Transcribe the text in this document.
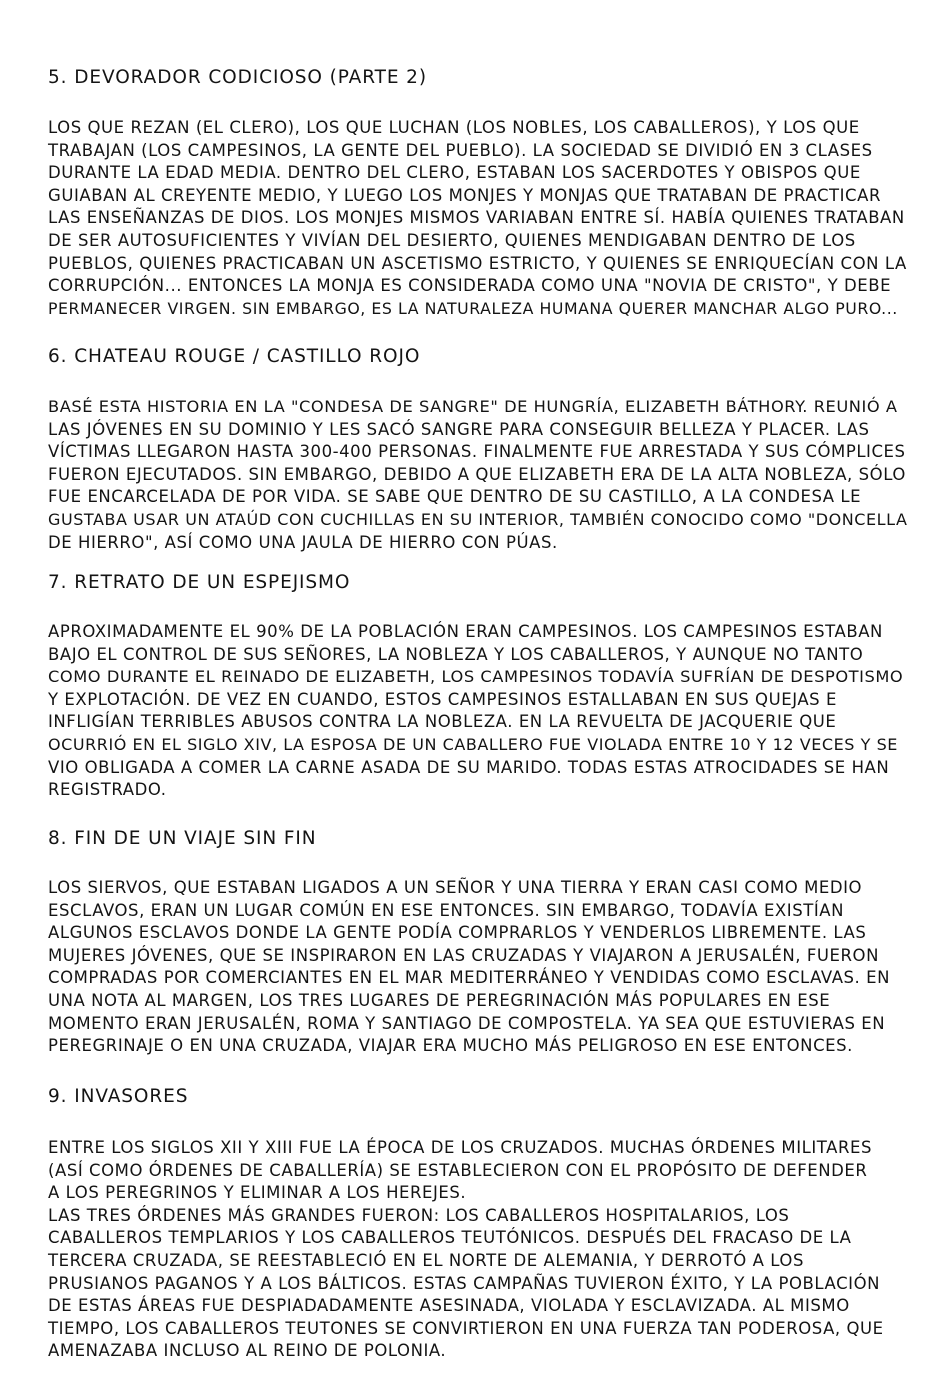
5. DEVORADOR CODICIOSO (PARTE 2)
LOS QUE REZAN (EL CLERO), LOS QUE LUCHAN (LOS NOBLES, LOS CABALLEROS), Y LOS QUE
TRABAJAN (LOS CAMPESINOS, LA GENTE DEL PUEBLO). LA SOCIEDAD SE DIVIDIÓ EN 3 CLASES
DURANTE LA EDAD MEDIA. DENTRO DEL CLERO, ESTABAN LOS SACERDOTES Y OBISPOS QUE
GUIABAN AL CREYENTE MEDIO, Y LUEGO LOS MONJES Y MONJAS QUE TRATABAN DE PRACTICAR
LAS ENSEÑANZAS DE DIOS. LOS MONJES MISMOS VARIABAN ENTRE SÍ. HABÍA QUIENES TRATABAN
DE SER AUTOSUFICIENTES Y VIVÍAN DEL DESIERTO, QUIENES MENDIGABAN DENTRO DE LOS
PUEBLOS, QUIENES PRACTICABAN UN ASCETISMO ESTRICTO, Y QUIENES SE ENRIQUECÍAN CON LA
CORRUPCIÓN... ENTONCES LA MONJA ES CONSIDERADA COMO UNA "NOVIA DE CRISTO", Y DEBE
PERMANECER VIRGEN. SIN EMBARGO, ES LA NATURALEZA HUMANA QUERER MANCHAR ALGO PURO...
6. CHATEAU ROUGE / CASTILLO ROJO
BASÉ ESTA HISTORIA EN LA "CONDESA DE SANGRE" DE HUNGRÍA, ELIZABETH BÁTHORY. REUNIÓ A
LAS JÓVENES EN SU DOMINIO Y LES SACÓ SANGRE PARA CONSEGUIR BELLEZA Y PLACER. LAS
VÍCTIMAS LLEGARON HASTA 300-400 PERSONAS. FINALMENTE FUE ARRESTADA Y SUS CÓMPLICES
FUERON EJECUTADOS. SIN EMBARGO, DEBIDO A QUE ELIZABETH ERA DE LA ALTA NOBLEZA, SÓLO
FUE ENCARCELADA DE POR VIDA. SE SABE QUE DENTRO DE SU CASTILLO, A LA CONDESA LE
GUSTABA USAR UN ATAÚD CON CUCHILLAS EN SU INTERIOR, TAMBIÉN CONOCIDO COMO "DONCELLA
DE HIERRO", ASÍ COMO UNA JAULA DE HIERRO CON PÚAS.
7. RETRATO DE UN ESPEJISMO
APROXIMADAMENTE EL 90% DE LA POBLACIÓN ERAN CAMPESINOS. LOS CAMPESINOS ESTABAN
BAJO EL CONTROL DE SUS SEÑORES, LA NOBLEZA Y LOS CABALLEROS, Y AUNQUE NO TANTO
COMO DURANTE EL REINADO DE ELIZABETH, LOS CAMPESINOS TODAVÍA SUFRÍAN DE DESPOTISMO
Y EXPLOTACIÓN. DE VEZ EN CUANDO, ESTOS CAMPESINOS ESTALLABAN EN SUS QUEJAS E
INFLIGÍAN TERRIBLES ABUSOS CONTRA LA NOBLEZA. EN LA REVUELTA DE JACQUERIE QUE
OCURRIÓ EN EL SIGLO XIV, LA ESPOSA DE UN CABALLERO FUE VIOLADA ENTRE 10 Y 12 VECES Y SE
VIO OBLIGADA A COMER LA CARNE ASADA DE SU MARIDO. TODAS ESTAS ATROCIDADES SE HAN
REGISTRADO.
8. FIN DE UN VIAJE SIN FIN
LOS SIERVOS, QUE ESTABAN LIGADOS A UN SEÑOR Y UNA TIERRA Y ERAN CASI COMO MEDIO
ESCLAVOS, ERAN UN LUGAR COMÚN EN ESE ENTONCES. SIN EMBARGO, TODAVÍA EXISTÍAN
ALGUNOS ESCLAVOS DONDE LA GENTE PODÍA COMPRARLOS Y VENDERLOS LIBREMENTE. LAS
MUJERES JÓVENES, QUE SE INSPIRARON EN LAS CRUZADAS Y VIAJARON A JERUSALÉN, FUERON
COMPRADAS POR COMERCIANTES EN EL MAR MEDITERRÁNEO Y VENDIDAS COMO ESCLAVAS. EN
UNA NOTA AL MARGEN, LOS TRES LUGARES DE PEREGRINACIÓN MÁS POPULARES EN ESE
MOMENTO ERAN JERUSALÉN, ROMA Y SANTIAGO DE COMPOSTELA. YA SEA QUE ESTUVIERAS EN
PEREGRINAJE O EN UNA CRUZADA, VIAJAR ERA MUCHO MÁS PELIGROSO EN ESE ENTONCES.
9. INVASORES
ENTRE LOS SIGLOS XII Y XIII FUE LA ÉPOCA DE LOS CRUZADOS. MUCHAS ÓRDENES MILITARES
(ASÍ COMO ÓRDENES DE CABALLERÍA) SE ESTABLECIERON CON EL PROPÓSITO DE DEFENDER
A LOS PEREGRINOS Y ELIMINAR A LOS HEREJES.
LAS TRES ÓRDENES MÁS GRANDES FUERON: LOS CABALLEROS HOSPITALARIOS, LOS
CABALLEROS TEMPLARIOS Y LOS CABALLEROS TEUTÓNICOS. DESPUÉS DEL FRACASO DE LA
TERCERA CRUZADA, SE REESTABLECIÓ EN EL NORTE DE ALEMANIA, Y DERROTÓ A LOS
PRUSIANOS PAGANOS Y A LOS BÁLTICOS. ESTAS CAMPAÑAS TUVIERON ÉXITO, Y LA POBLACIÓN
DE ESTAS ÁREAS FUE DESPIADADAMENTE ASESINADA, VIOLADA Y ESCLAVIZADA. AL MISMO
TIEMPO, LOS CABALLEROS TEUTONES SE CONVIRTIERON EN UNA FUERZA TAN PODEROSA, QUE
AMENAZABA INCLUSO AL REINO DE POLONIA.
